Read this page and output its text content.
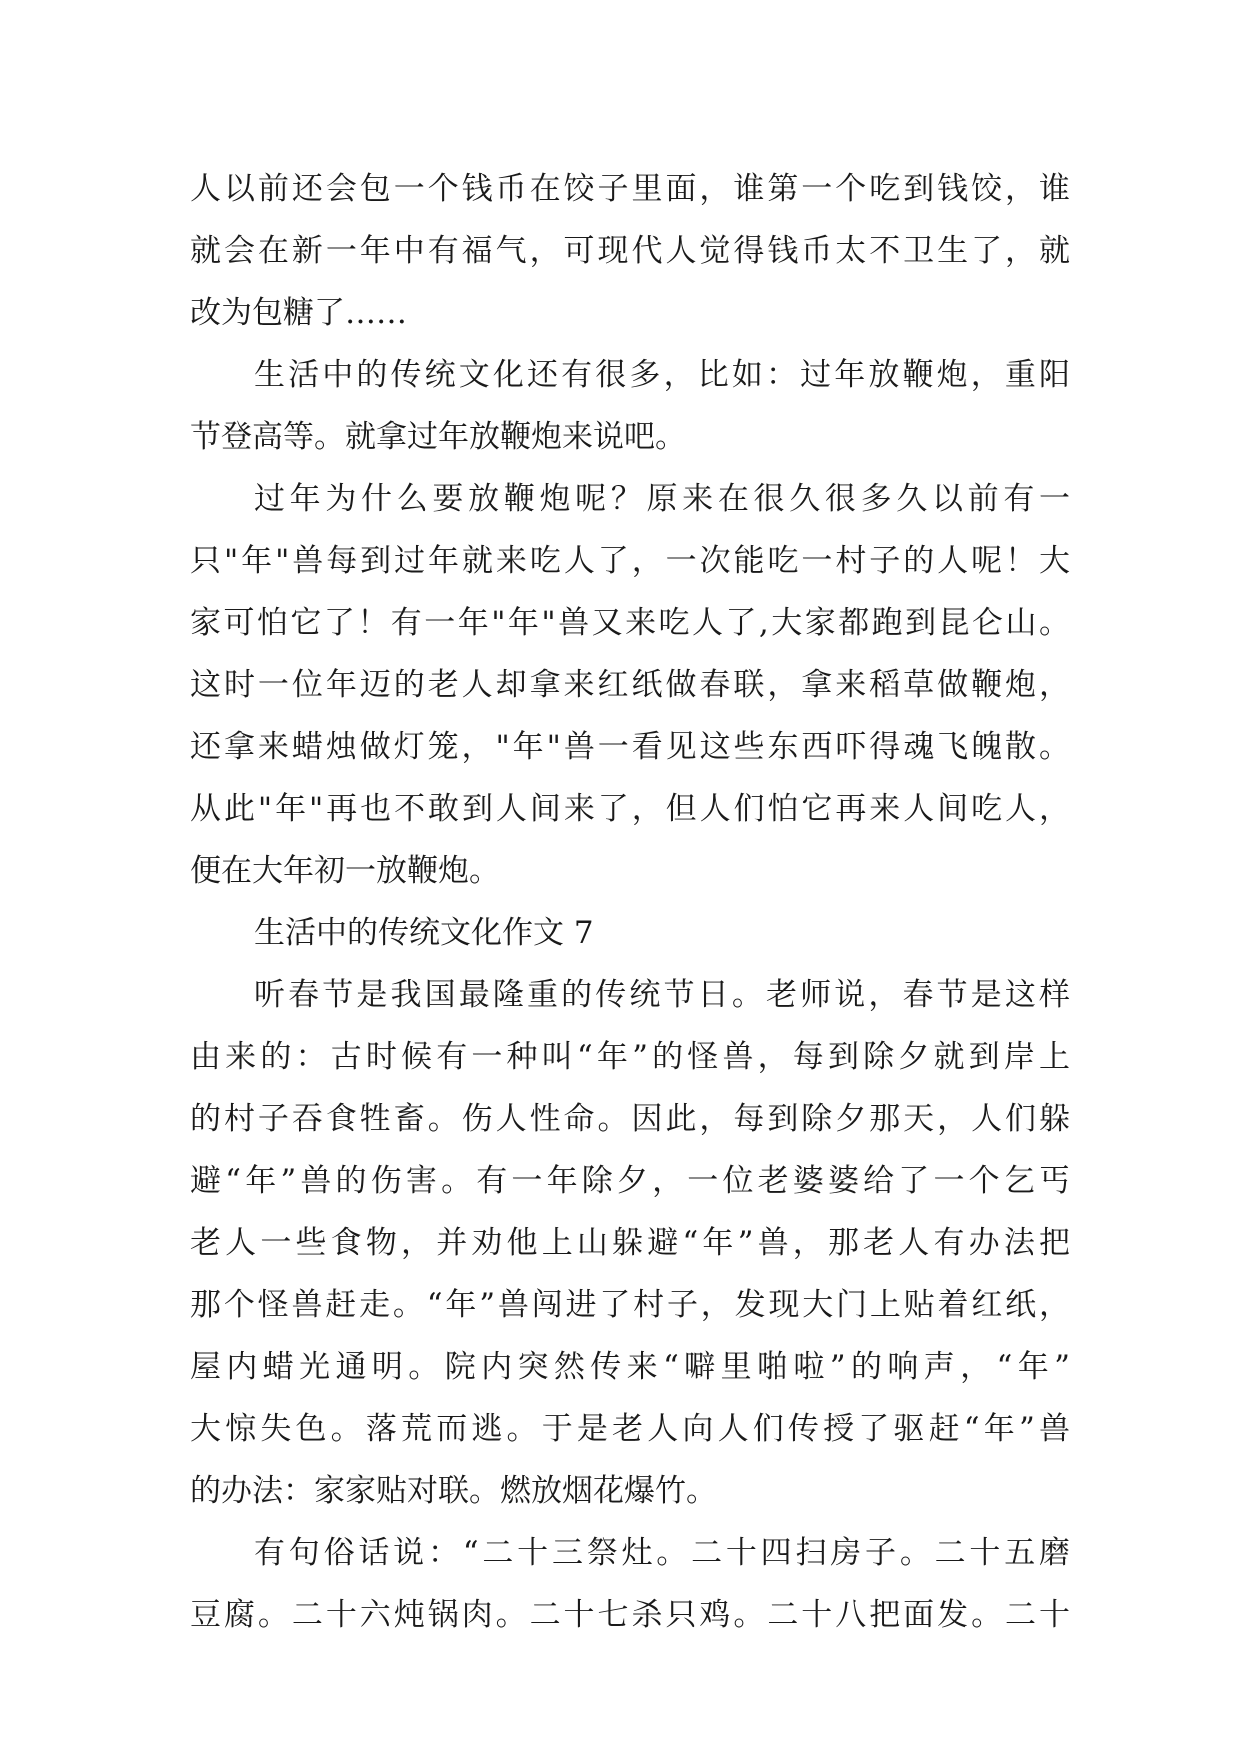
人以前还会包一个钱币在饺子里面，谁第一个吃到钱饺，谁
就会在新一年中有福气，可现代人觉得钱币太不卫生了，就
改为包糖了……
生活中的传统文化还有很多，比如：过年放鞭炮，重阳
节登高等。就拿过年放鞭炮来说吧。
过年为什么要放鞭炮呢？原来在很久很多久以前有一
只"年"兽每到过年就来吃人了，一次能吃一村子的人呢！大
家可怕它了！有一年"年"兽又来吃人了,大家都跑到昆仑山。
这时一位年迈的老人却拿来红纸做春联，拿来稻草做鞭炮，
还拿来蜡烛做灯笼，"年"兽一看见这些东西吓得魂飞魄散。
从此"年"再也不敢到人间来了，但人们怕它再来人间吃人，
便在大年初一放鞭炮。
生活中的传统文化作文 7
听春节是我国最隆重的传统节日。老师说，春节是这样
由来的：古时候有一种叫“年”的怪兽，每到除夕就到岸上
的村子吞食牲畜。伤人性命。因此，每到除夕那天，人们躲
避“年”兽的伤害。有一年除夕，一位老婆婆给了一个乞丐
老人一些食物，并劝他上山躲避“年”兽，那老人有办法把
那个怪兽赶走。“年”兽闯进了村子，发现大门上贴着红纸，
屋内蜡光通明。院内突然传来“噼里啪啦”的响声，“年”
大惊失色。落荒而逃。于是老人向人们传授了驱赶“年”兽
的办法：家家贴对联。燃放烟花爆竹。
有句俗话说：“二十三祭灶。二十四扫房子。二十五磨
豆腐。二十六炖锅肉。二十七杀只鸡。二十八把面发。二十
